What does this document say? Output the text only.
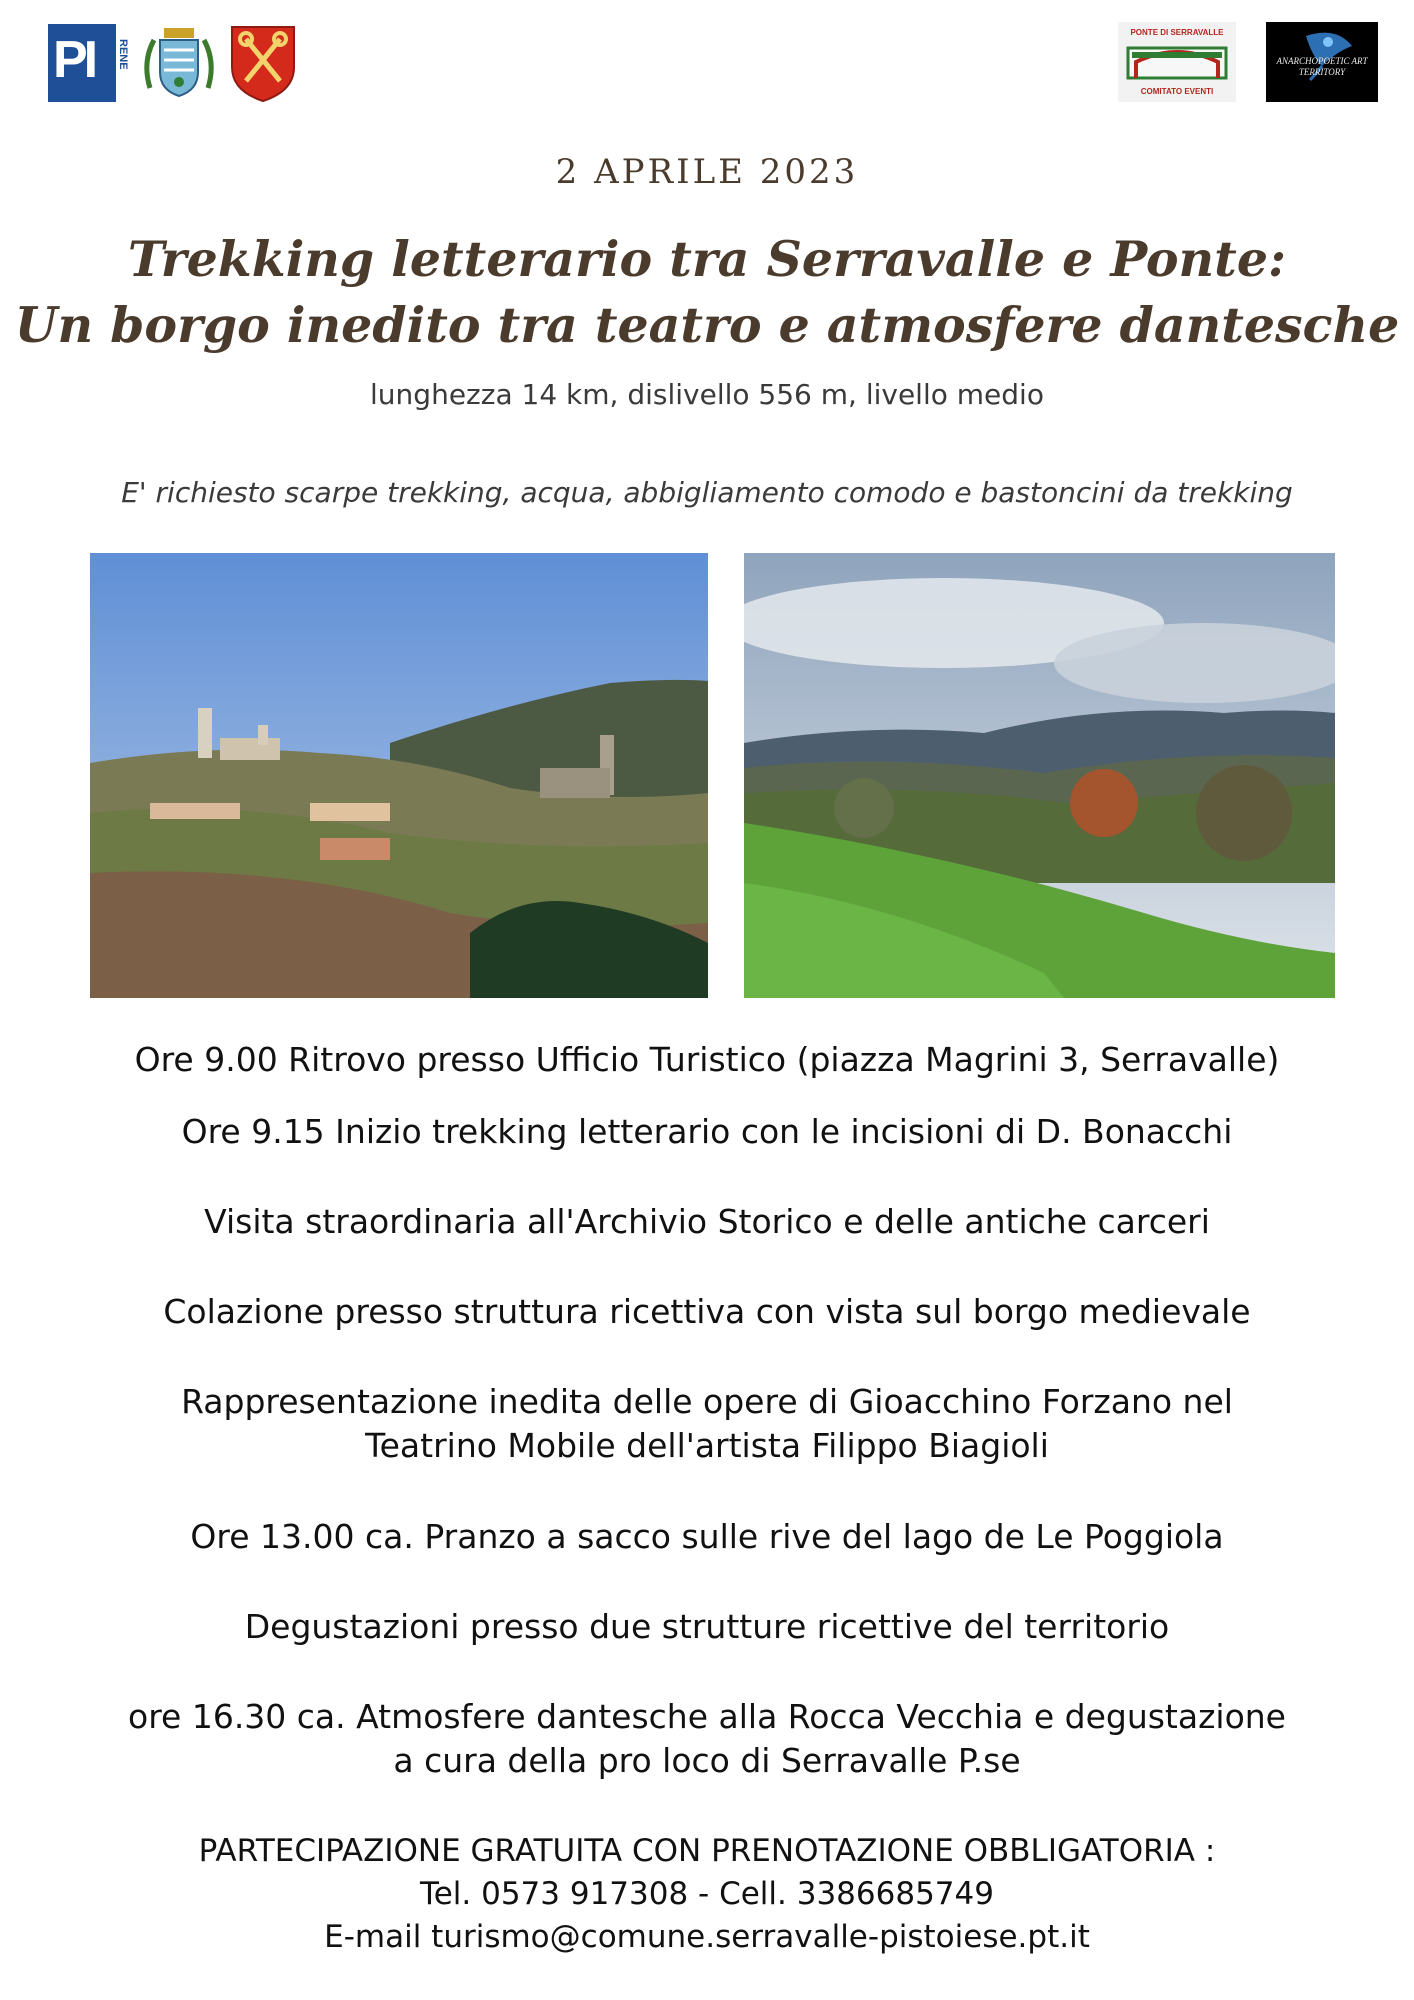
PI RENE
PONTE DI SERRAVALLE
COMITATO EVENTI
ANARCHOPOETIC ART TERRITORY
2 APRILE 2023
Trekking letterario tra Serravalle e Ponte:
Un borgo inedito tra teatro e atmosfere dantesche
lunghezza 14 km, dislivello 556 m, livello medio
E' richiesto scarpe trekking, acqua, abbigliamento comodo e bastoncini da trekking
Ore 9.00 Ritrovo presso Ufficio Turistico (piazza Magrini 3, Serravalle)
Ore 9.15 Inizio trekking letterario con le incisioni di D. Bonacchi
Visita straordinaria all'Archivio Storico e delle antiche carceri
Colazione presso struttura ricettiva con vista sul borgo medievale
Rappresentazione inedita delle opere di Gioacchino Forzano nel
Teatrino Mobile dell'artista Filippo Biagioli
Ore 13.00 ca. Pranzo a sacco sulle rive del lago de Le Poggiola
Degustazioni presso due strutture ricettive del territorio
ore 16.30 ca. Atmosfere dantesche alla Rocca Vecchia e degustazione
a cura della pro loco di Serravalle P.se
PARTECIPAZIONE GRATUITA CON PRENOTAZIONE OBBLIGATORIA :
Tel. 0573 917308 - Cell. 3386685749
E-mail turismo@comune.serravalle-pistoiese.pt.it
